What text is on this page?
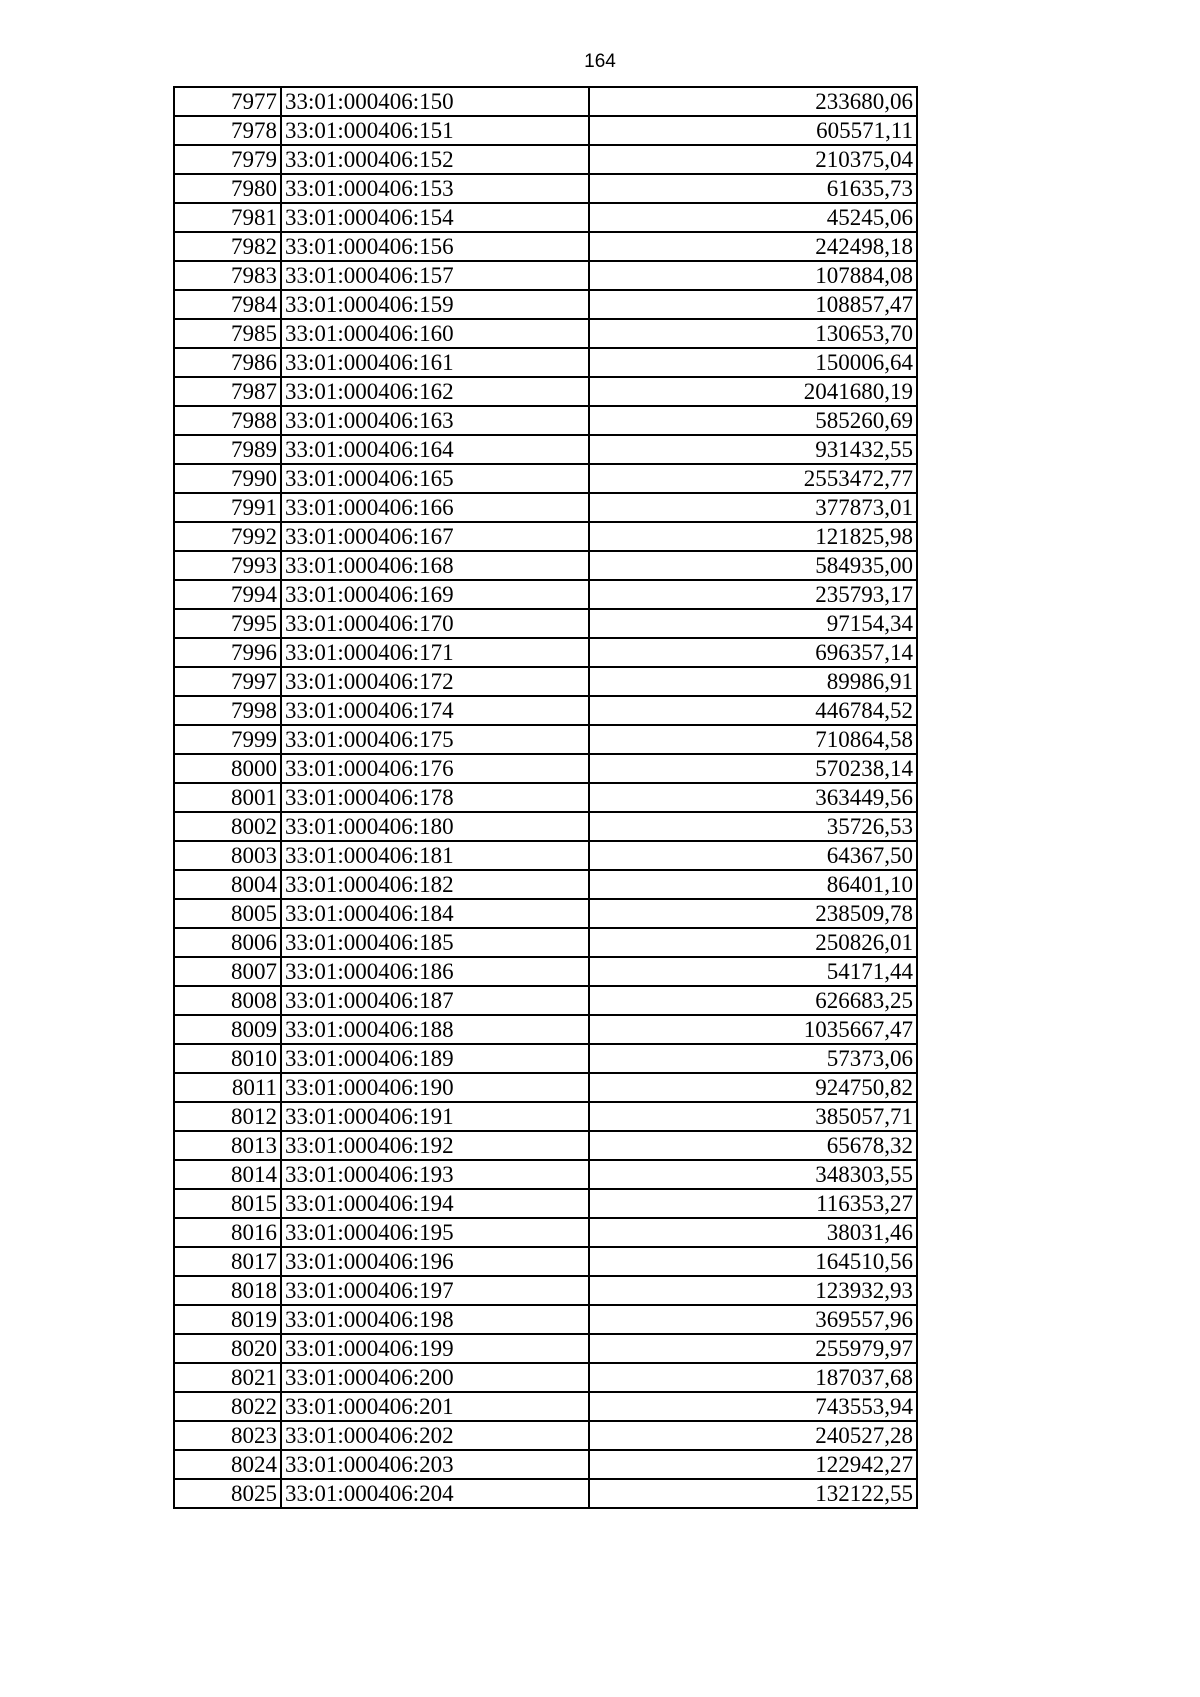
164
7977	33:01:000406:150	233680,06
7978	33:01:000406:151	605571,11
7979	33:01:000406:152	210375,04
7980	33:01:000406:153	61635,73
7981	33:01:000406:154	45245,06
7982	33:01:000406:156	242498,18
7983	33:01:000406:157	107884,08
7984	33:01:000406:159	108857,47
7985	33:01:000406:160	130653,70
7986	33:01:000406:161	150006,64
7987	33:01:000406:162	2041680,19
7988	33:01:000406:163	585260,69
7989	33:01:000406:164	931432,55
7990	33:01:000406:165	2553472,77
7991	33:01:000406:166	377873,01
7992	33:01:000406:167	121825,98
7993	33:01:000406:168	584935,00
7994	33:01:000406:169	235793,17
7995	33:01:000406:170	97154,34
7996	33:01:000406:171	696357,14
7997	33:01:000406:172	89986,91
7998	33:01:000406:174	446784,52
7999	33:01:000406:175	710864,58
8000	33:01:000406:176	570238,14
8001	33:01:000406:178	363449,56
8002	33:01:000406:180	35726,53
8003	33:01:000406:181	64367,50
8004	33:01:000406:182	86401,10
8005	33:01:000406:184	238509,78
8006	33:01:000406:185	250826,01
8007	33:01:000406:186	54171,44
8008	33:01:000406:187	626683,25
8009	33:01:000406:188	1035667,47
8010	33:01:000406:189	57373,06
8011	33:01:000406:190	924750,82
8012	33:01:000406:191	385057,71
8013	33:01:000406:192	65678,32
8014	33:01:000406:193	348303,55
8015	33:01:000406:194	116353,27
8016	33:01:000406:195	38031,46
8017	33:01:000406:196	164510,56
8018	33:01:000406:197	123932,93
8019	33:01:000406:198	369557,96
8020	33:01:000406:199	255979,97
8021	33:01:000406:200	187037,68
8022	33:01:000406:201	743553,94
8023	33:01:000406:202	240527,28
8024	33:01:000406:203	122942,27
8025	33:01:000406:204	132122,55
